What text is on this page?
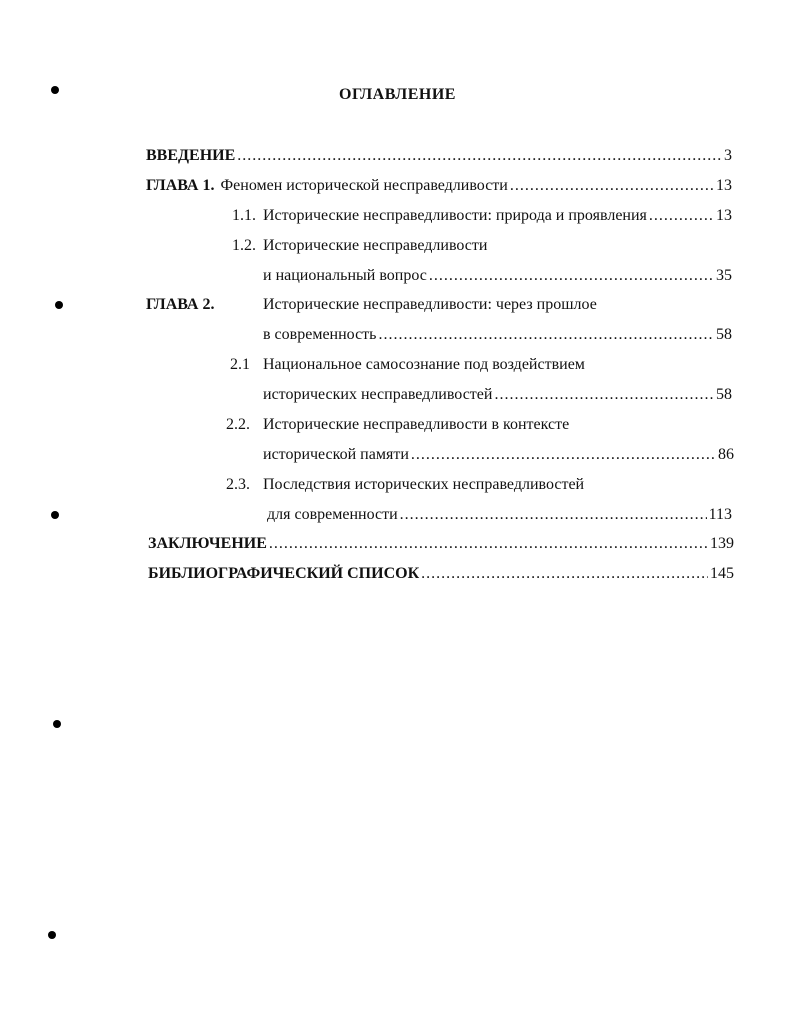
ОГЛАВЛЕНИЕ
ВВЕДЕНИЕ .....	3
ГЛАВА 1. Феномен исторической несправедливости .....	13
1.1. Исторические несправедливости: природа и проявления .....	13
1.2. Исторические несправедливости
и национальный вопрос .....	35
ГЛАВА 2.	Исторические несправедливости: через прошлое
в современность .....	58
2.1 Национальное самосознание под воздействием
исторических несправедливостей .....	58
2.2. Исторические несправедливости в контексте
исторической памяти .....	86
2.3. Последствия исторических несправедливостей
для современности .....	113
ЗАКЛЮЧЕНИЕ .....	139
БИБЛИОГРАФИЧЕСКИЙ СПИСОК .....	145
